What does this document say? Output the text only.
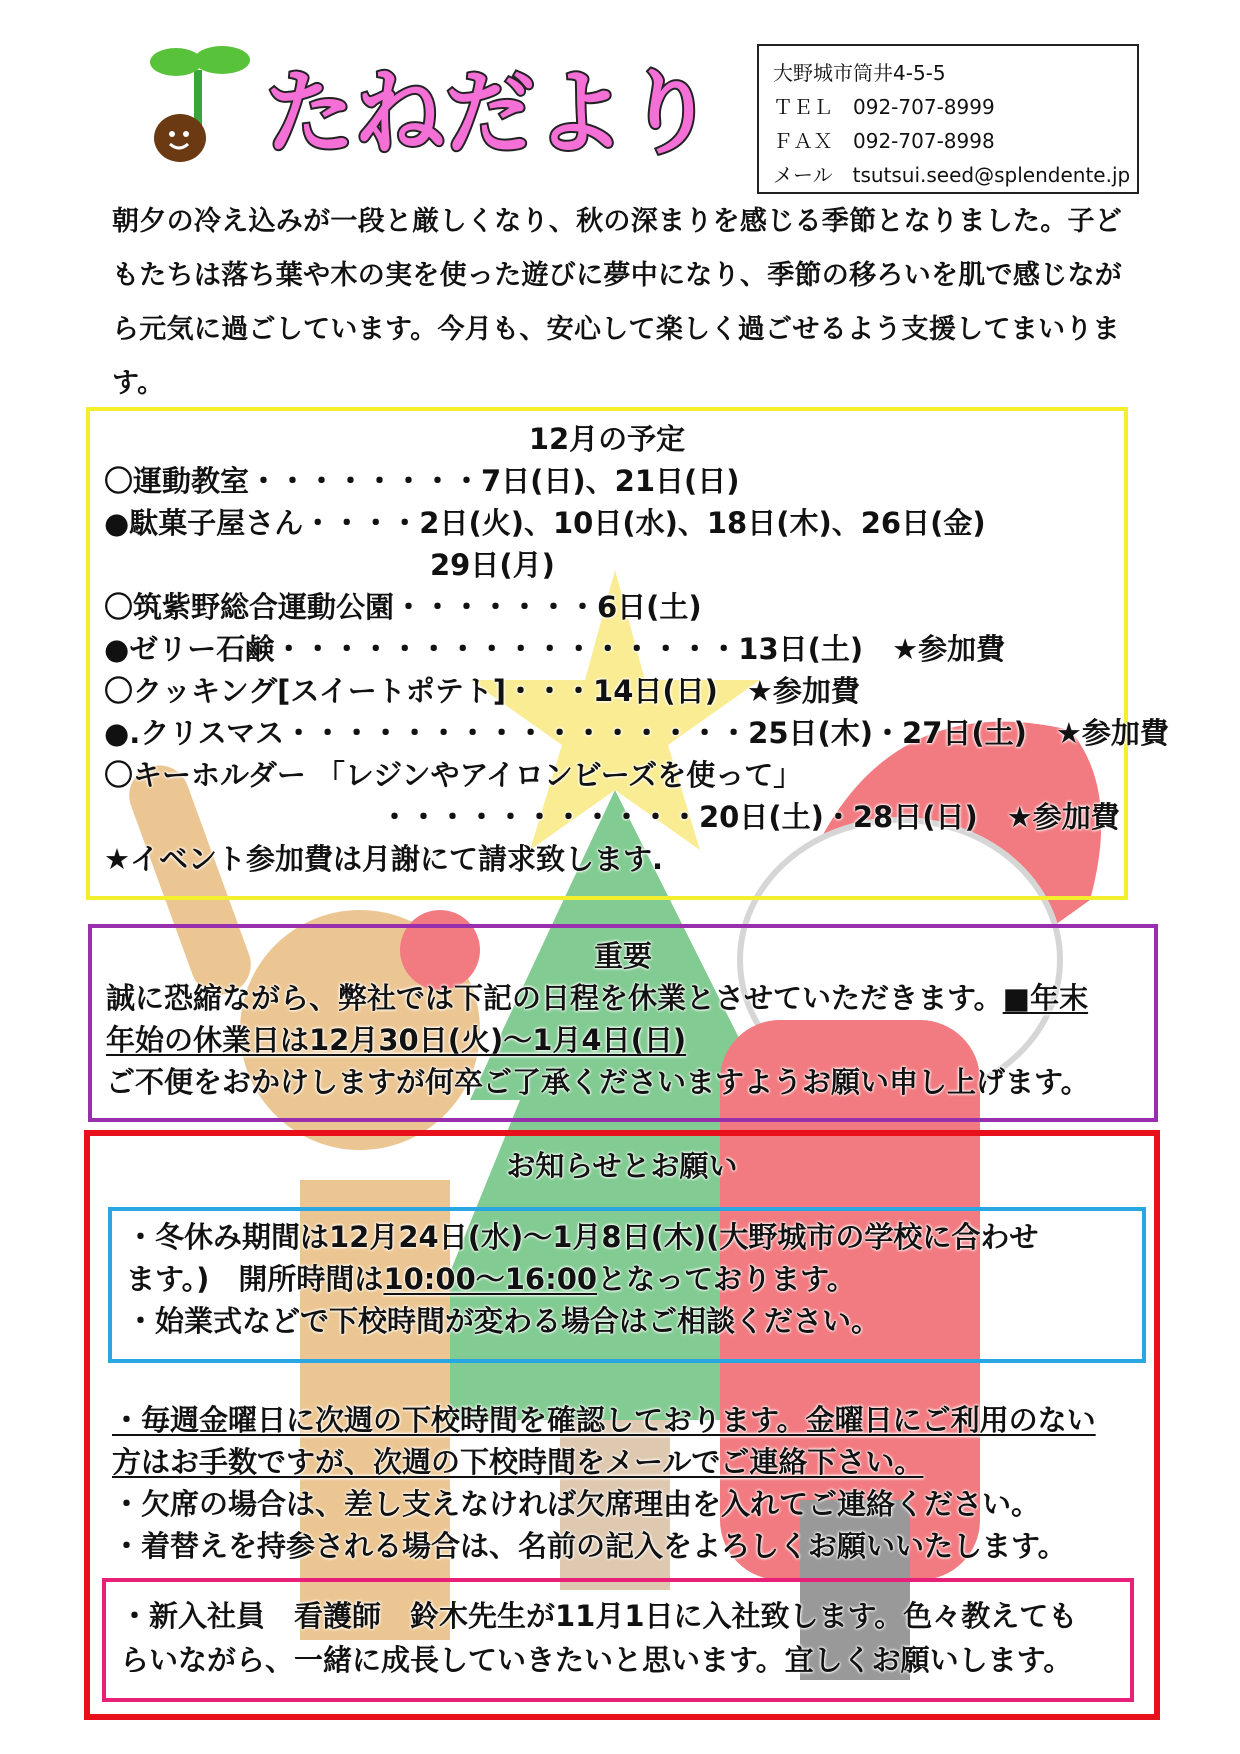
たねだより	大野城市筒井4-5-5
ＴＥＬ　092-707-8999
ＦＡＸ　092-707-8998
メール　tsutsui.seed@splendente.jp
朝夕の冷え込みが一段と厳しくなり、秋の深まりを感じる季節となりました。子どもたちは落ち葉や木の実を使った遊びに夢中になり、季節の移ろいを肌で感じながら元気に過ごしています。今月も、安心して楽しく過ごせるよう支援してまいります。
12月の予定
〇運動教室・・・・・・・・7日(日)、21日(日)
●駄菓子屋さん・・・・2日(火)、10日(水)、18日(木)、26日(金)
29日(月)
〇筑紫野総合運動公園・・・・・・・6日(土)
●ゼリー石鹸・・・・・・・・・・・・・・・・13日(土)　★参加費
〇クッキング[スイートポテト]・・・14日(日)　★参加費
●.クリスマス・・・・・・・・・・・・・・・・25日(木)・27日(土)　★参加費
〇キーホルダー 「レジンやアイロンビーズを使って」
・・・・・・・・・・・20日(土)・28日(日)　★参加費
★イベント参加費は月謝にて請求致します.
重要
誠に恐縮ながら、弊社では下記の日程を休業とさせていただきます。■年末
年始の休業日は12月30日(火)～1月4日(日)
ご不便をおかけしますが何卒ご了承くださいますようお願い申し上げます。
お知らせとお願い
・毎週金曜日に次週の下校時間を確認しております。金曜日にご利用のない
方はお手数ですが、次週の下校時間をメールでご連絡下さい。
・欠席の場合は、差し支えなければ欠席理由を入れてご連絡ください。
・着替えを持参される場合は、名前の記入をよろしくお願いいたします。
・冬休み期間は12月24日(水)～1月8日(木)(大野城市の学校に合わせ
ます。)　開所時間は10:00～16:00となっております。
・始業式などで下校時間が変わる場合はご相談ください。
・新入社員　看護師　鈴木先生が11月1日に入社致します。色々教えても
らいながら、一緒に成長していきたいと思います。宜しくお願いします。
